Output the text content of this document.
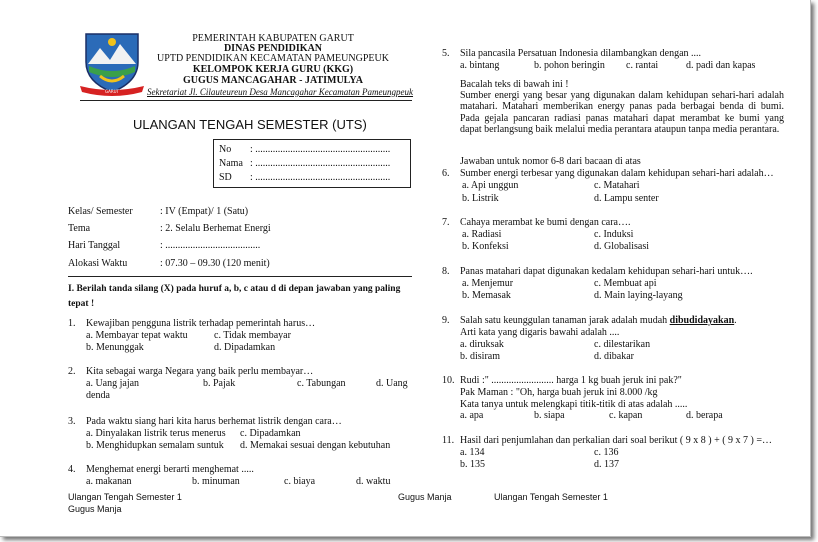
GARUT
PEMERINTAH KABUPATEN GARUT
DINAS PENDIDIKAN
UPTD PENDIDIKAN KECAMATAN PAMEUNGPEUK
KELOMPOK KERJA GURU (KKG)
GUGUS MANCAGAHAR - JATIMULYA
Sekretariat Jl. Cilauteureun Desa Mancagahar Kecamatan Pameungpeuk
ULANGAN TENGAH SEMESTER (UTS)
No : ......................................................
Nama : ......................................................
SD : ......................................................
Kelas/ Semester	: IV (Empat)/ 1 (Satu)
Tema	: 2. Selalu Berhemat Energi
Hari Tanggal	: ......................................
Alokasi Waktu	: 07.30 – 09.30 (120 menit)
I. Berilah tanda silang (X) pada huruf a, b, c atau d di depan jawaban yang paling
tepat !
1. Kewajiban pengguna listrik terhadap pemerintah harus…
a. Membayar tepat waktu	c. Tidak membayar
b. Menunggak	d. Dipadamkan
2. Kita sebagai warga Negara yang baik perlu membayar…
a. Uang jajan	b. Pajak	c. Tabungan	d. Uang
denda
3. Pada waktu siang hari kita harus berhemat listrik dengan cara…
a. Dinyalakan listrik terus menerus c. Dipadamkan
b. Menghidupkan semalam suntuk d. Memakai sesuai dengan kebutuhan
4. Menghemat energi berarti menghemat .....
a. makanan	b. minuman	c. biaya	d. waktu
5. Sila pancasila Persatuan Indonesia dilambangkan dengan ....
a. bintang	b. pohon beringin c. rantai	d. padi dan kapas
Bacalah teks di bawah ini !
Sumber energi yang besar yang digunakan dalam kehidupan sehari-hari adalah matahari. Matahari memberikan energy panas pada berbagai benda di bumi. Pada gejala pancaran radiasi panas matahari dapat merambat ke bumi yang dapat berlangsung baik melalui media perantara ataupun tanpa media perantara.
Jawaban untuk nomor 6-8 dari bacaan di atas
6. Sumber energi terbesar yang digunakan dalam kehidupan sehari-hari adalah…
a. Api unggun	c. Matahari
b. Listrik	d. Lampu senter
7. Cahaya merambat ke bumi dengan cara….
a. Radiasi	c. Induksi
b. Konfeksi	d. Globalisasi
8. Panas matahari dapat digunakan kedalam kehidupan sehari-hari untuk….
a. Menjemur	c. Membuat api
b. Memasak	d. Main laying-layang
9. Salah satu keunggulan tanaman jarak adalah mudah dibudidayakan.
Arti kata yang digaris bawahi adalah ....
a. diruksak	c. dilestarikan
b. disiram	d. dibakar
10. Rudi :" ......................... harga 1 kg buah jeruk ini pak?"
Pak Maman : "Oh, harga buah jeruk ini 8.000 /kg
Kata tanya untuk melengkapi titik-titik di atas adalah .....
a. apa	b. siapa	c. kapan	d. berapa
11. Hasil dari penjumlahan dan perkalian dari soal berikut ( 9 x 8 ) + ( 9 x 7 ) =…
a. 134	c. 136
b. 135	d. 137
Ulangan Tengah Semester 1
Gugus Manja
Gugus Manja	Ulangan Tengah Semester 1
